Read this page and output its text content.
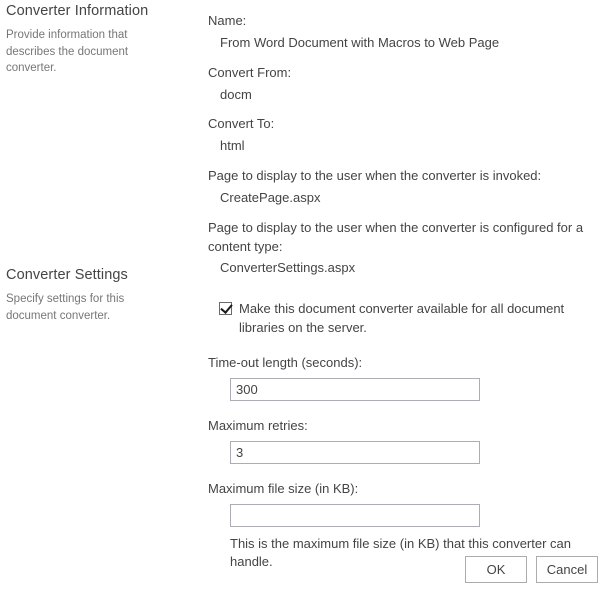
Converter Information
Provide information that describes the document converter.
Converter Settings
Specify settings for this document converter.
Name:
From Word Document with Macros to Web Page
Convert From:
docm
Convert To:
html
Page to display to the user when the converter is invoked:
CreatePage.aspx
Page to display to the user when the converter is configured for a content type:
ConverterSettings.aspx
Make this document converter available for all document libraries on the server.
Time-out length (seconds):
300
Maximum retries:
3
Maximum file size (in KB):
This is the maximum file size (in KB) that this converter can handle.
OK	Cancel
